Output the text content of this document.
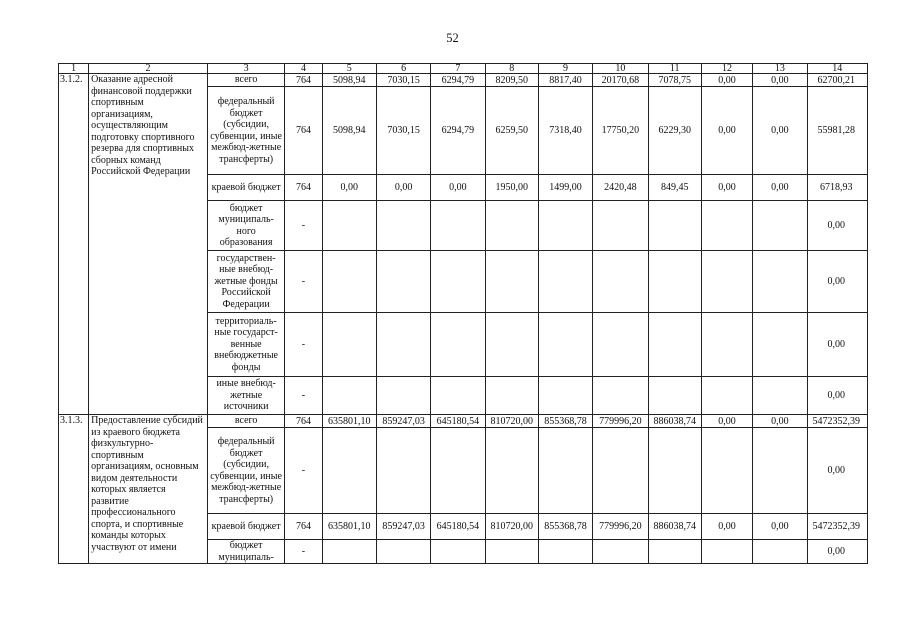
52
1	2	3	4	5	6	7	8	9	10	11	12	13	14
3.1.2.	Оказание адресной финансовой поддержки спортивным организациям, осуществляющим подготовку спортивного резерва для спортивных сборных команд Российской Федерации	всего	764	5098,94	7030,15	6294,79	8209,50	8817,40	20170,68	7078,75	0,00	0,00	62700,21
		федеральный бюджет (субсидии, субвенции, иные межбюд-жетные трансферты)	764	5098,94	7030,15	6294,79	6259,50	7318,40	17750,20	6229,30	0,00	0,00	55981,28
		краевой бюджет	764	0,00	0,00	0,00	1950,00	1499,00	2420,48	849,45	0,00	0,00	6718,93
		бюджет муниципаль-ного образования	-										0,00
		государствен-ные внебюд-жетные фонды Российской Федерации	-										0,00
		территориаль-ные государст-венные внебюджетные фонды	-										0,00
		иные внебюд-жетные источники	-										0,00
3.1.3.	Предоставление субсидий из краевого бюджета физкультурно-спортивным организациям, основным видом деятельности которых является развитие профессионального спорта, и спортивные команды которых участвуют от имени	всего	764	635801,10	859247,03	645180,54	810720,00	855368,78	779996,20	886038,74	0,00	0,00	5472352,39
		федеральный бюджет (субсидии, субвенции, иные межбюд-жетные трансферты)	-										0,00
		краевой бюджет	764	635801,10	859247,03	645180,54	810720,00	855368,78	779996,20	886038,74	0,00	0,00	5472352,39
		бюджет муниципаль-	-										0,00
